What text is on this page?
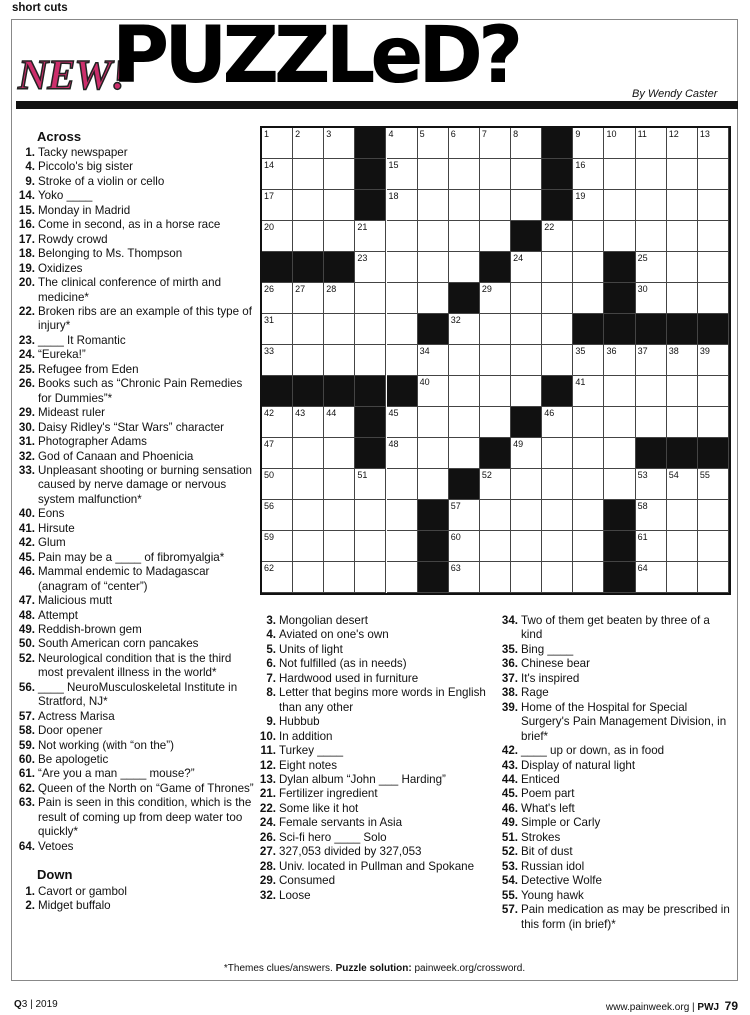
short cuts
NEW!
PUZZLeD?	By Wendy Caster
Across
1. Tacky newspaper
4. Piccolo's big sister
9. Stroke of a violin or cello
14. Yoko ____
15. Monday in Madrid
16. Come in second, as in a horse race
17. Rowdy crowd
18. Belonging to Ms. Thompson
19. Oxidizes
20. The clinical conference of mirth and medicine*
22. Broken ribs are an example of this type of injury*
23. ____ It Romantic
24. “Eureka!”
25. Refugee from Eden
26. Books such as “Chronic Pain Remedies for Dummies”*
29. Mideast ruler
30. Daisy Ridley's “Star Wars” character
31. Photographer Adams
32. God of Canaan and Phoenicia
33. Unpleasant shooting or burning sensation caused by nerve damage or nervous system malfunction*
40. Eons
41. Hirsute
42. Glum
45. Pain may be a ____ of fibromyalgia*
46. Mammal endemic to Madagascar (anagram of “center”)
47. Malicious mutt
48. Attempt
49. Reddish-brown gem
50. South American corn pancakes
52. Neurological condition that is the third most prevalent illness in the world*
56. ____ NeuroMusculoskeletal Institute in Stratford, NJ*
57. Actress Marisa
58. Door opener
59. Not working (with “on the”)
60. Be apologetic
61. “Are you a man ____ mouse?”
62. Queen of the North on “Game of Thrones”
63. Pain is seen in this condition, which is the result of coming up from deep water too quickly*
64. Vetoes
Down
1. Cavort or gambol
2. Midget buffalo
3. Mongolian desert
4. Aviated on one's own
5. Units of light
6. Not fulfilled (as in needs)
7. Hardwood used in furniture
8. Letter that begins more words in English than any other
9. Hubbub
10. In addition
11. Turkey ____
12. Eight notes
13. Dylan album “John ___ Harding”
21. Fertilizer ingredient
22. Some like it hot
24. Female servants in Asia
26. Sci-fi hero ____ Solo
27. 327,053 divided by 327,053
28. Univ. located in Pullman and Spokane
29. Consumed
32. Loose
34. Two of them get beaten by three of a kind
35. Bing ____
36. Chinese bear
37. It's inspired
38. Rage
39. Home of the Hospital for Special Surgery's Pain Management Division, in brief*
42. ____ up or down, as in food
43. Display of natural light
44. Enticed
45. Poem part
46. What's left
49. Simple or Carly
51. Strokes
52. Bit of dust
53. Russian idol
54. Detective Wolfe
55. Young hawk
57. Pain medication as may be prescribed in this form (in brief)*
1	2	3	4	5	6	7	8	9	10 11 12 13
14	15	16
17	18	19
20	21	22
23	24	25
26 27 28	29	30
31	32
33	34	35 36 37 38 39
40	41
42 43 44	45	46
47	48	49
50	51	52	53 54 55
56	57	58
59	60	61
62	63	64
*Themes clues/answers. Puzzle solution: painweek.org/crossword.
Q3 | 2019	www.painweek.org | PWJ 79
